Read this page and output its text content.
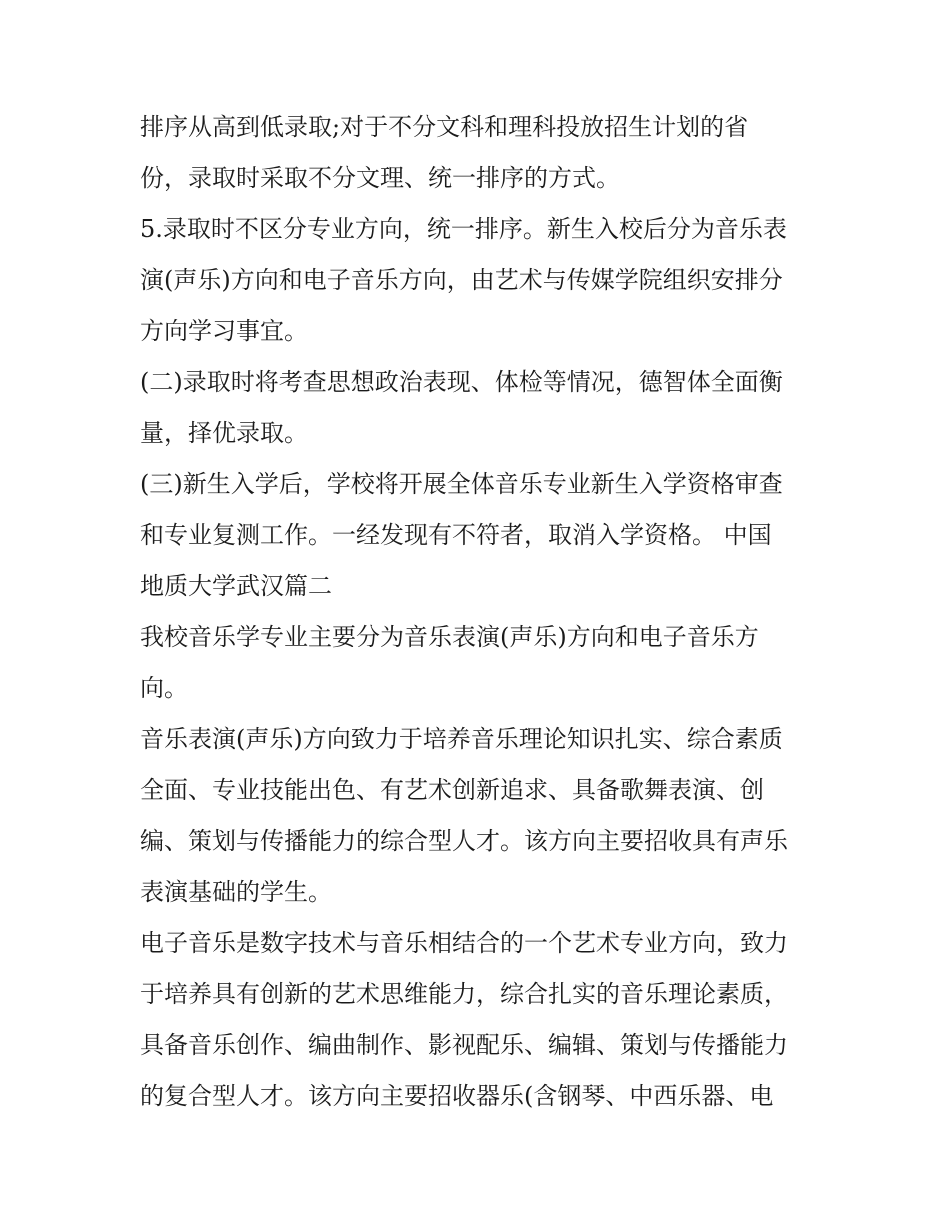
排序从高到低录取;对于不分文科和理科投放招生计划的省
份，录取时采取不分文理、统一排序的方式。
5.录取时不区分专业方向，统一排序。新生入校后分为音乐表
演(声乐)方向和电子音乐方向，由艺术与传媒学院组织安排分
方向学习事宜。
(二)录取时将考查思想政治表现、体检等情况，德智体全面衡
量，择优录取。
(三)新生入学后，学校将开展全体音乐专业新生入学资格审查
和专业复测工作。一经发现有不符者，取消入学资格。 中国
地质大学武汉篇二
我校音乐学专业主要分为音乐表演(声乐)方向和电子音乐方
向。
音乐表演(声乐)方向致力于培养音乐理论知识扎实、综合素质
全面、专业技能出色、有艺术创新追求、具备歌舞表演、创
编、策划与传播能力的综合型人才。该方向主要招收具有声乐
表演基础的学生。
电子音乐是数字技术与音乐相结合的一个艺术专业方向，致力
于培养具有创新的艺术思维能力，综合扎实的音乐理论素质，
具备音乐创作、编曲制作、影视配乐、编辑、策划与传播能力
的复合型人才。该方向主要招收器乐(含钢琴、中西乐器、电
